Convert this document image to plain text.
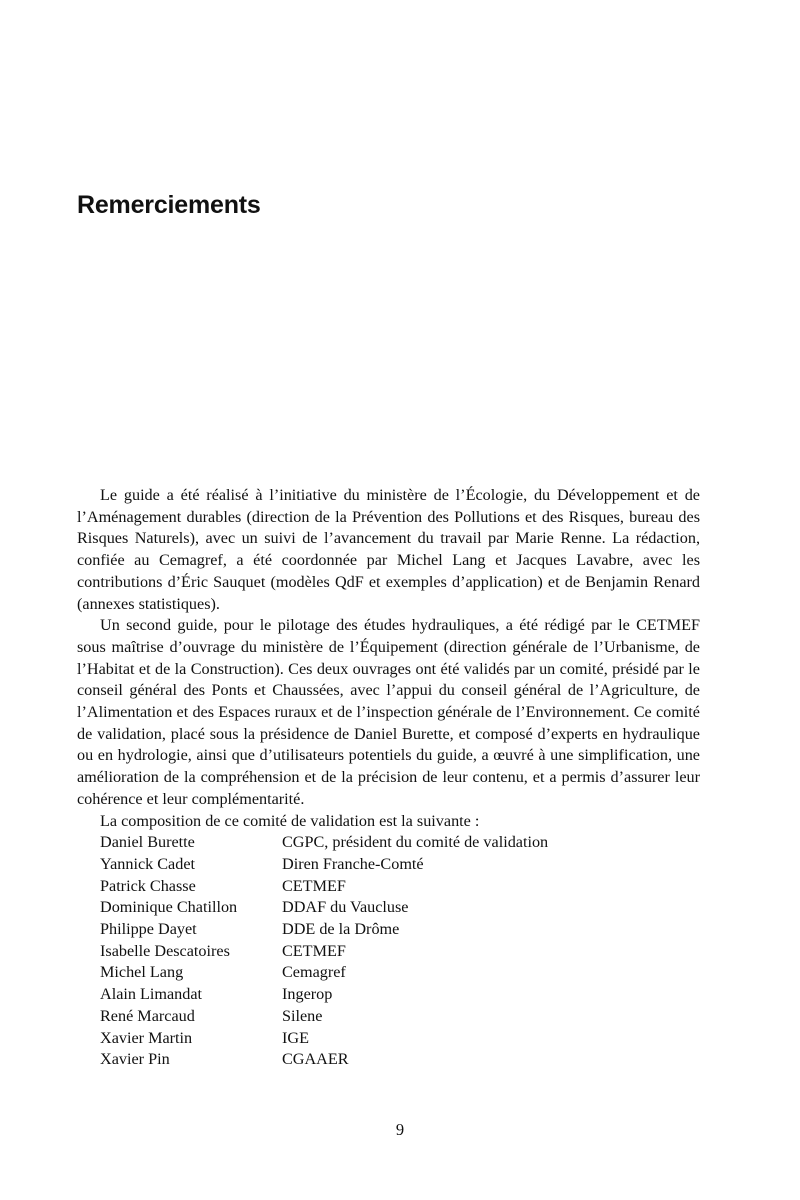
Remerciements

Le guide a été réalisé à l’initiative du ministère de l’Écologie, du Développement et de l’Aménagement durables (direction de la Prévention des Pollutions et des Risques, bureau des Risques Naturels), avec un suivi de l’avancement du travail par Marie Renne. La rédaction, confiée au Cemagref, a été coordonnée par Michel Lang et Jacques Lavabre, avec les contributions d’Éric Sauquet (modèles QdF et exemples d’application) et de Benjamin Renard (annexes statistiques).

Un second guide, pour le pilotage des études hydrauliques, a été rédigé par le CETMEF sous maîtrise d’ouvrage du ministère de l’Équipement (direction générale de l’Urbanisme, de l’Habitat et de la Construction). Ces deux ouvrages ont été validés par un comité, présidé par le conseil général des Ponts et Chaussées, avec l’appui du conseil général de l’Agriculture, de l’Alimentation et des Espaces ruraux et de l’inspection générale de l’Environnement. Ce comité de validation, placé sous la présidence de Daniel Burette, et composé d’experts en hydraulique ou en hydrologie, ainsi que d’utilisateurs potentiels du guide, a œuvré à une simplification, une amélioration de la compréhension et de la précision de leur contenu, et a permis d’assurer leur cohérence et leur complémentarité.

La composition de ce comité de validation est la suivante :

Daniel Burette	CGPC, président du comité de validation
Yannick Cadet	Diren Franche-Comté
Patrick Chasse	CETMEF
Dominique Chatillon	DDAF du Vaucluse
Philippe Dayet	DDE de la Drôme
Isabelle Descatoires	CETMEF
Michel Lang	Cemagref
Alain Limandat	Ingerop
René Marcaud	Silene
Xavier Martin	IGE
Xavier Pin	CGAAER
9
